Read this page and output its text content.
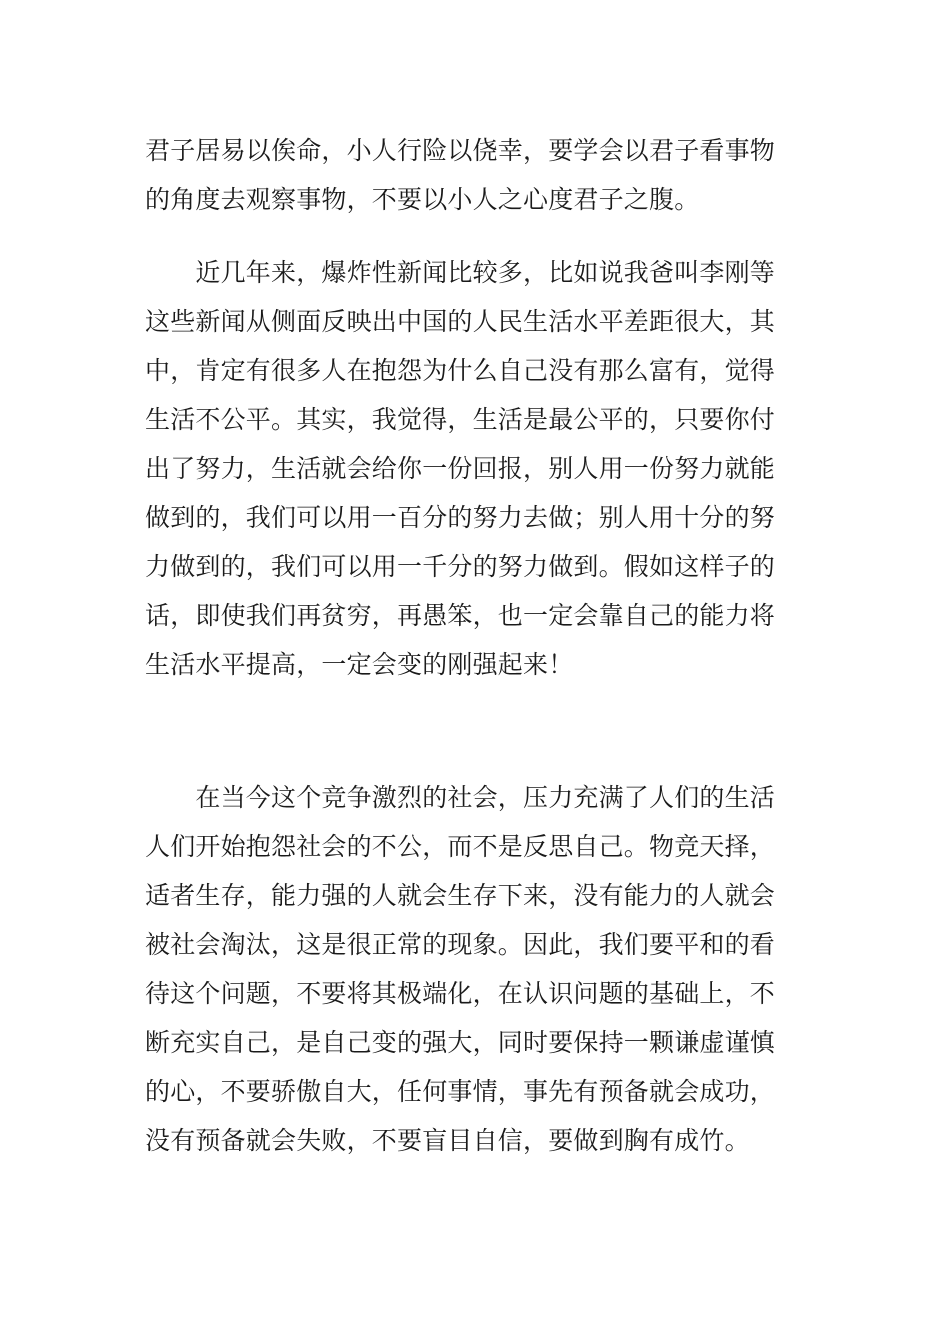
君子居易以俟命，小人行险以侥幸，要学会以君子看事物
的角度去观察事物，不要以小人之心度君子之腹。

　　近几年来，爆炸性新闻比较多，比如说我爸叫李刚等
这些新闻从侧面反映出中国的人民生活水平差距很大，其
中，肯定有很多人在抱怨为什么自己没有那么富有，觉得
生活不公平。其实，我觉得，生活是最公平的，只要你付
出了努力，生活就会给你一份回报，别人用一份努力就能
做到的，我们可以用一百分的努力去做；别人用十分的努
力做到的，我们可以用一千分的努力做到。假如这样子的
话，即使我们再贫穷，再愚笨，也一定会靠自己的能力将
生活水平提高，一定会变的刚强起来！

　　在当今这个竞争激烈的社会，压力充满了人们的生活
人们开始抱怨社会的不公，而不是反思自己。物竞天择，
适者生存，能力强的人就会生存下来，没有能力的人就会
被社会淘汰，这是很正常的现象。因此，我们要平和的看
待这个问题，不要将其极端化，在认识问题的基础上，不
断充实自己，是自己变的强大，同时要保持一颗谦虚谨慎
的心，不要骄傲自大，任何事情，事先有预备就会成功，
没有预备就会失败，不要盲目自信，要做到胸有成竹。
